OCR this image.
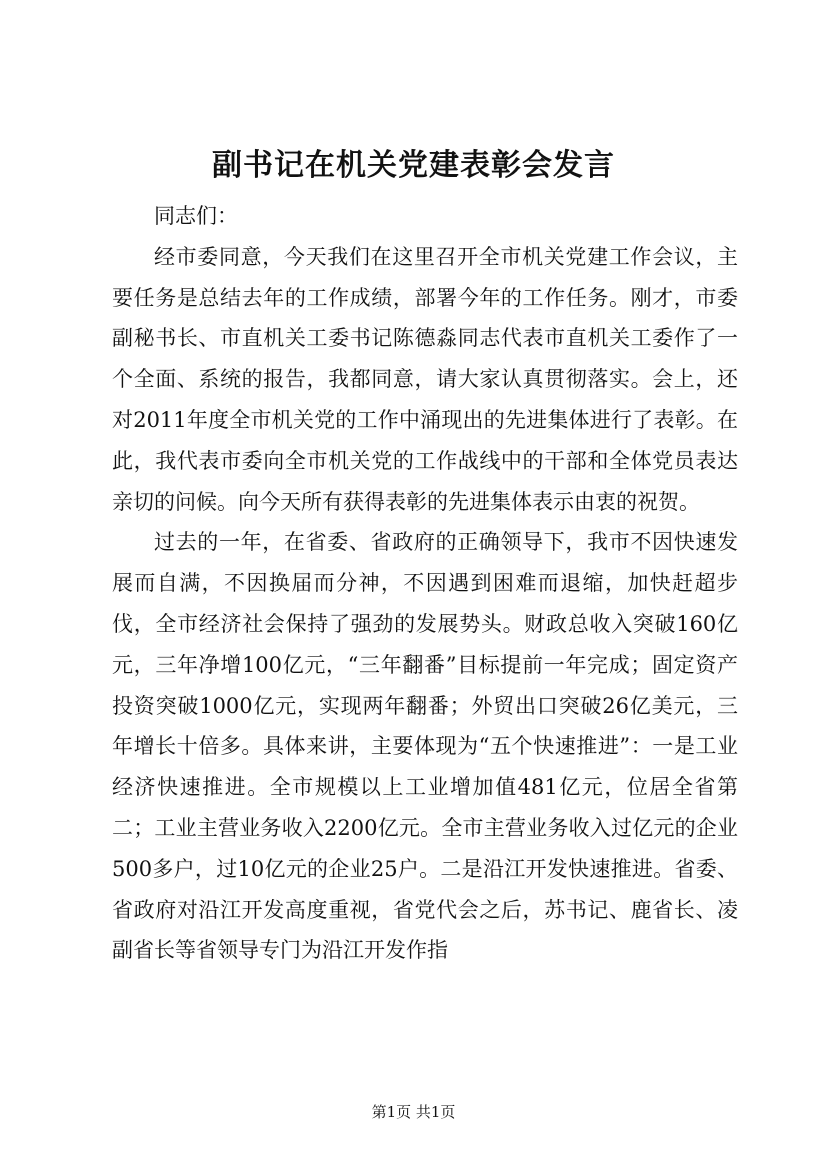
副书记在机关党建表彰会发言

同志们：

经市委同意，今天我们在这里召开全市机关党建工作会议，主要任务是总结去年的工作成绩，部署今年的工作任务。刚才，市委副秘书长、市直机关工委书记陈德淼同志代表市直机关工委作了一个全面、系统的报告，我都同意，请大家认真贯彻落实。会上，还对2011年度全市机关党的工作中涌现出的先进集体进行了表彰。在此，我代表市委向全市机关党的工作战线中的干部和全体党员表达亲切的问候。向今天所有获得表彰的先进集体表示由衷的祝贺。

过去的一年，在省委、省政府的正确领导下，我市不因快速发展而自满，不因换届而分神，不因遇到困难而退缩，加快赶超步伐，全市经济社会保持了强劲的发展势头。财政总收入突破160亿元，三年净增100亿元，“三年翻番”目标提前一年完成；固定资产投资突破1000亿元，实现两年翻番；外贸出口突破26亿美元，三年增长十倍多。具体来讲，主要体现为“五个快速推进”：一是工业经济快速推进。全市规模以上工业增加值481亿元，位居全省第二；工业主营业务收入2200亿元。全市主营业务收入过亿元的企业500多户，过10亿元的企业25户。二是沿江开发快速推进。省委、省政府对沿江开发高度重视，省党代会之后，苏书记、鹿省长、凌副省长等省领导专门为沿江开发作指

第1页 共1页
